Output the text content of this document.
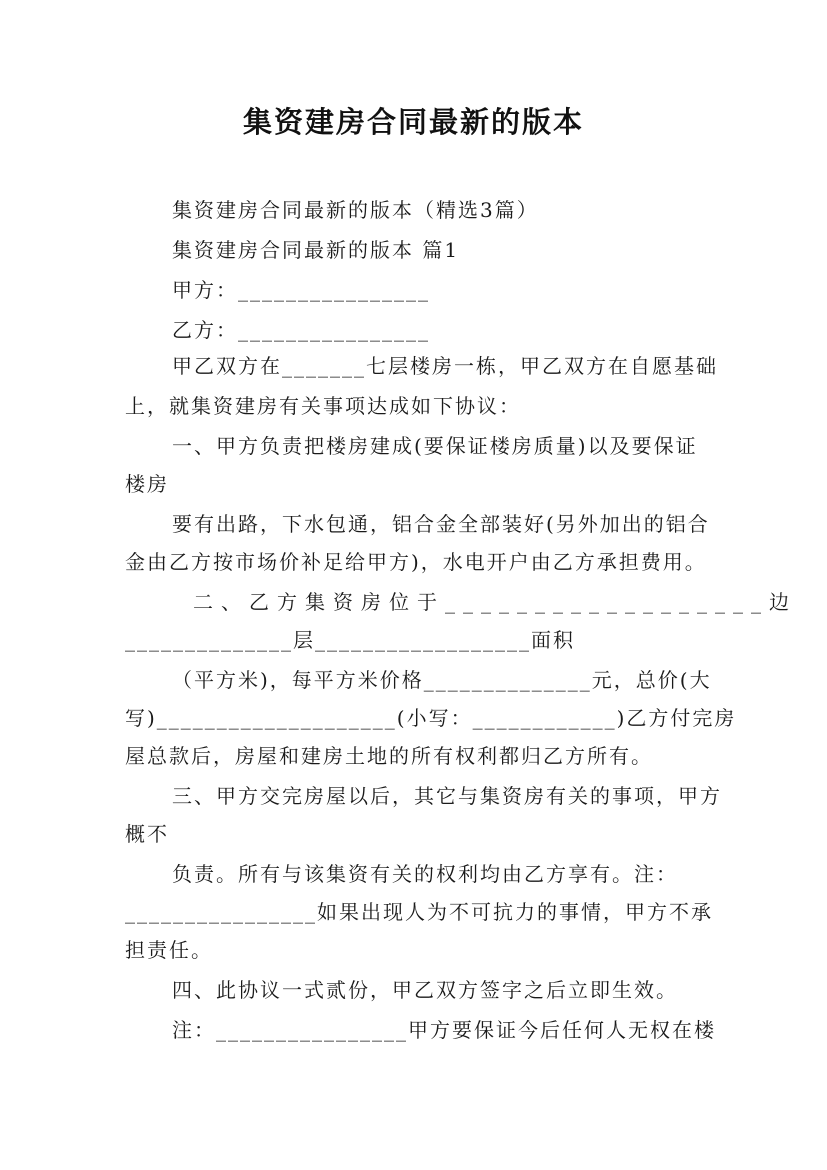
集资建房合同最新的版本
集资建房合同最新的版本（精选3篇）
集资建房合同最新的版本 篇1
甲方：________________
乙方：________________
甲乙双方在_______七层楼房一栋，甲乙双方在自愿基础
上，就集资建房有关事项达成如下协议：
一、甲方负责把楼房建成(要保证楼房质量)以及要保证
楼房
要有出路，下水包通，铝合金全部装好(另外加出的铝合
金由乙方按市场价补足给甲方)，水电开户由乙方承担费用。
二、乙方集资房位于__________________边
______________层__________________面积
（平方米)，每平方米价格______________元，总价(大
写)____________________(小写：____________)乙方付完房
屋总款后，房屋和建房土地的所有权利都归乙方所有。
三、甲方交完房屋以后，其它与集资房有关的事项，甲方
概不
负责。所有与该集资有关的权利均由乙方享有。注：
________________如果出现人为不可抗力的事情，甲方不承
担责任。
四、此协议一式贰份，甲乙双方签字之后立即生效。
注：________________甲方要保证今后任何人无权在楼
